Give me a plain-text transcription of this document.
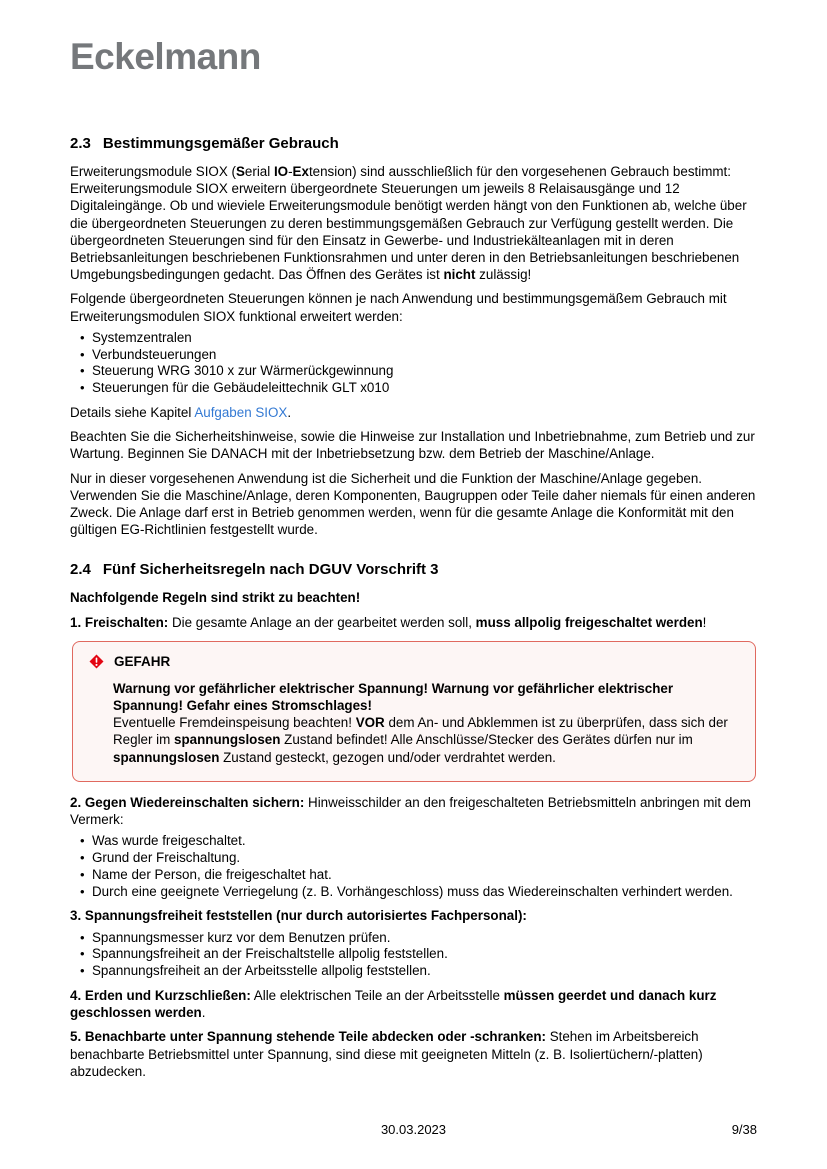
Eckelmann
2.3 Bestimmungsgemäßer Gebrauch

Erweiterungsmodule SIOX (Serial IO-Extension) sind ausschließlich für den vorgesehenen Gebrauch bestimmt: Erweiterungsmodule SIOX erweitern übergeordnete Steuerungen um jeweils 8 Relaisausgänge und 12 Digitaleingänge. Ob und wieviele Erweiterungsmodule benötigt werden hängt von den Funktionen ab, welche über die übergeordneten Steuerungen zu deren bestimmungsgemäßen Gebrauch zur Verfügung gestellt werden. Die übergeordneten Steuerungen sind für den Einsatz in Gewerbe- und Industriekälteanlagen mit in deren Betriebsanleitungen beschriebenen Funktionsrahmen und unter deren in den Betriebsanleitungen beschriebenen Umgebungsbedingungen gedacht. Das Öffnen des Gerätes ist nicht zulässig!

Folgende übergeordneten Steuerungen können je nach Anwendung und bestimmungsgemäßem Gebrauch mit Erweiterungsmodulen SIOX funktional erweitert werden:

• Systemzentralen
• Verbundsteuerungen
• Steuerung WRG 3010 x zur Wärmerückgewinnung
• Steuerungen für die Gebäudeleittechnik GLT x010

Details siehe Kapitel Aufgaben SIOX.

Beachten Sie die Sicherheitshinweise, sowie die Hinweise zur Installation und Inbetriebnahme, zum Betrieb und zur Wartung. Beginnen Sie DANACH mit der Inbetriebsetzung bzw. dem Betrieb der Maschine/Anlage.

Nur in dieser vorgesehenen Anwendung ist die Sicherheit und die Funktion der Maschine/Anlage gegeben. Verwenden Sie die Maschine/Anlage, deren Komponenten, Baugruppen oder Teile daher niemals für einen anderen Zweck. Die Anlage darf erst in Betrieb genommen werden, wenn für die gesamte Anlage die Konformität mit den gültigen EG-Richtlinien festgestellt wurde.

2.4 Fünf Sicherheitsregeln nach DGUV Vorschrift 3

Nachfolgende Regeln sind strikt zu beachten!

1. Freischalten: Die gesamte Anlage an der gearbeitet werden soll, muss allpolig freigeschaltet werden!

GEFAHR

Warnung vor gefährlicher elektrischer Spannung! Warnung vor gefährlicher elektrischer Spannung! Gefahr eines Stromschlages!

Eventuelle Fremdeinspeisung beachten! VOR dem An- und Abklemmen ist zu überprüfen, dass sich der Regler im spannungslosen Zustand befindet! Alle Anschlüsse/Stecker des Gerätes dürfen nur im spannungslosen Zustand gesteckt, gezogen und/oder verdrahtet werden.

2. Gegen Wiedereinschalten sichern: Hinweisschilder an den freigeschalteten Betriebsmitteln anbringen mit dem Vermerk:

• Was wurde freigeschaltet.
• Grund der Freischaltung.
• Name der Person, die freigeschaltet hat.
• Durch eine geeignete Verriegelung (z. B. Vorhängeschloss) muss das Wiedereinschalten verhindert werden.

3. Spannungsfreiheit feststellen (nur durch autorisiertes Fachpersonal):

• Spannungsmesser kurz vor dem Benutzen prüfen.
• Spannungsfreiheit an der Freischaltstelle allpolig feststellen.
• Spannungsfreiheit an der Arbeitsstelle allpolig feststellen.

4. Erden und Kurzschließen: Alle elektrischen Teile an der Arbeitsstelle müssen geerdet und danach kurz geschlossen werden.

5. Benachbarte unter Spannung stehende Teile abdecken oder -schranken: Stehen im Arbeitsbereich benachbarte Betriebsmittel unter Spannung, sind diese mit geeigneten Mitteln (z. B. Isoliertüchern/-platten) abzudecken.

30.03.2023	9/38
